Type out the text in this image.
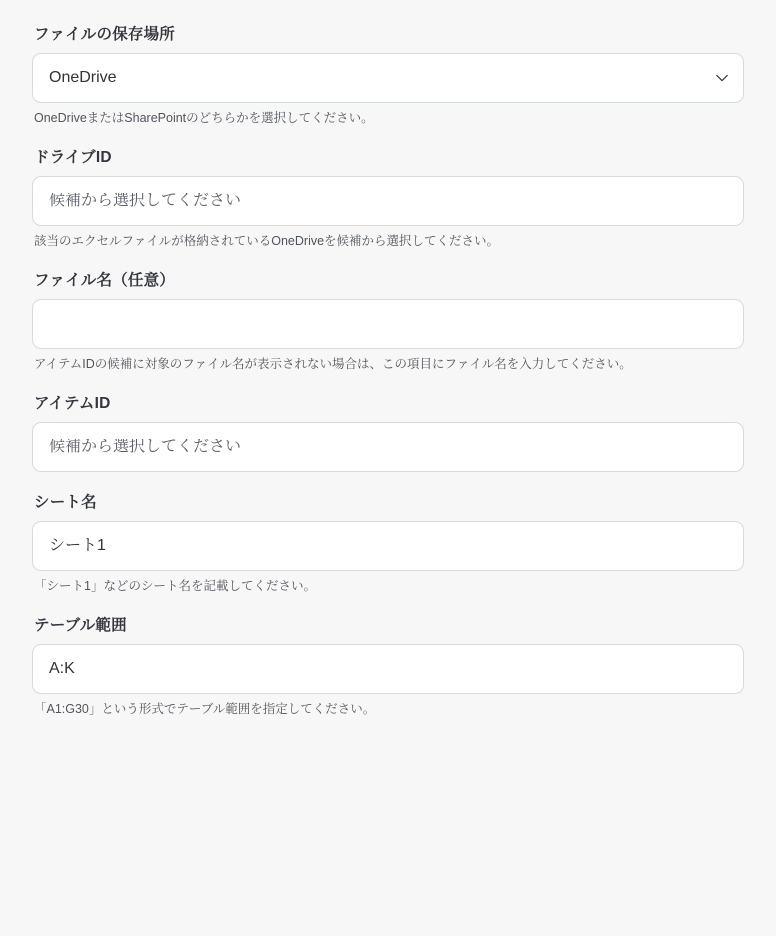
ファイルの保存場所
OneDrive
OneDriveまたはSharePointのどちらかを選択してください。
ドライブID
候補から選択してください
該当のエクセルファイルが格納されているOneDriveを候補から選択してください。
ファイル名（任意）
アイテムIDの候補に対象のファイル名が表示されない場合は、この項目にファイル名を入力してください。
アイテムID
候補から選択してください
シート名
シート1
「シート1」などのシート名を記載してください。
テーブル範囲
A:K
「A1:G30」という形式でテーブル範囲を指定してください。
